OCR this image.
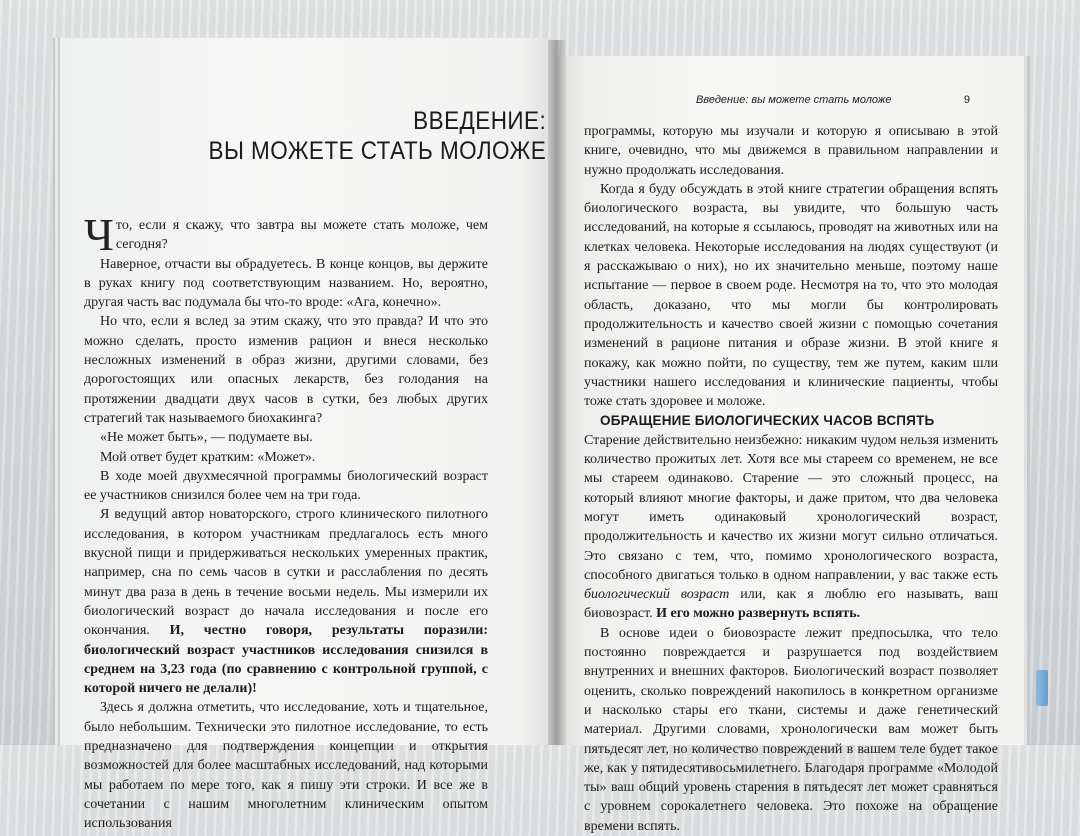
ВВЕДЕНИЕ:
ВЫ МОЖЕТЕ СТАТЬ МОЛОЖЕ

Что, если я скажу, что завтра вы можете стать моложе, чем сегодня?

Наверное, отчасти вы обрадуетесь. В конце концов, вы держите в руках книгу под соответствующим названием. Но, вероятно, другая часть вас подумала бы что-то вроде: «Ага, конечно».

Но что, если я вслед за этим скажу, что это правда? И что это можно сделать, просто изменив рацион и внеся несколько несложных изменений в образ жизни, другими словами, без дорогостоящих или опасных лекарств, без голодания на протяжении двадцати двух часов в сутки, без любых других стратегий так называемого биохакинга?

«Не может быть», — подумаете вы.

Мой ответ будет кратким: «Может».

В ходе моей двухмесячной программы биологический возраст ее участников снизился более чем на три года.

Я ведущий автор новаторского, строго клинического пилотного исследования, в котором участникам предлагалось есть много вкусной пищи и придерживаться нескольких умеренных практик, например, сна по семь часов в сутки и расслабления по десять минут два раза в день в течение восьми недель. Мы измерили их биологический возраст до начала исследования и после его окончания. И, честно говоря, результаты поразили: биологический возраст участников исследования снизился в среднем на 3,23 года (по сравнению с контрольной группой, с которой ничего не делали)!

Здесь я должна отметить, что исследование, хоть и тщательное, было небольшим. Технически это пилотное исследование, то есть предназначено для подтверждения концепции и открытия возможностей для более масштабных исследований, над которыми мы работаем по мере того, как я пишу эти строки. И все же в сочетании с нашим многолетним клиническим опытом использования

Введение: вы можете стать моложе	9

программы, которую мы изучали и которую я описываю в этой книге, очевидно, что мы движемся в правильном направлении и нужно продолжать исследования.

Когда я буду обсуждать в этой книге стратегии обращения вспять биологического возраста, вы увидите, что большую часть исследований, на которые я ссылаюсь, проводят на животных или на клетках человека. Некоторые исследования на людях существуют (и я расскажываю о них), но их значительно меньше, поэтому наше испытание — первое в своем роде. Несмотря на то, что это молодая область, доказано, что мы могли бы контролировать продолжительность и качество своей жизни с помощью сочетания изменений в рационе питания и образе жизни. В этой книге я покажу, как можно пойти, по существу, тем же путем, каким шли участники нашего исследования и клинические пациенты, чтобы тоже стать здоровее и моложе.

ОБРАЩЕНИЕ БИОЛОГИЧЕСКИХ ЧАСОВ ВСПЯТЬ

Старение действительно неизбежно: никаким чудом нельзя изменить количество прожитых лет. Хотя все мы стареем со временем, не все мы стареем одинаково. Старение — это сложный процесс, на который влияют многие факторы, и даже притом, что два человека могут иметь одинаковый хронологический возраст, продолжительность и качество их жизни могут сильно отличаться. Это связано с тем, что, помимо хронологического возраста, способного двигаться только в одном направлении, у вас также есть биологический возраст или, как я люблю его называть, ваш биовозраст. И его можно развернуть вспять.

В основе идеи о биовозрасте лежит предпосылка, что тело постоянно повреждается и разрушается под воздействием внутренних и внешних факторов. Биологический возраст позволяет оценить, сколько повреждений накопилось в конкретном организме и насколько стары его ткани, системы и даже генетический материал. Другими словами, хронологически вам может быть пятьдесят лет, но количество повреждений в вашем теле будет такое же, как у пятидесятивосьмилетнего. Благодаря программе «Молодой ты» ваш общий уровень старения в пятьдесят лет может сравняться с уровнем сорокалетнего человека. Это похоже на обращение времени вспять.
